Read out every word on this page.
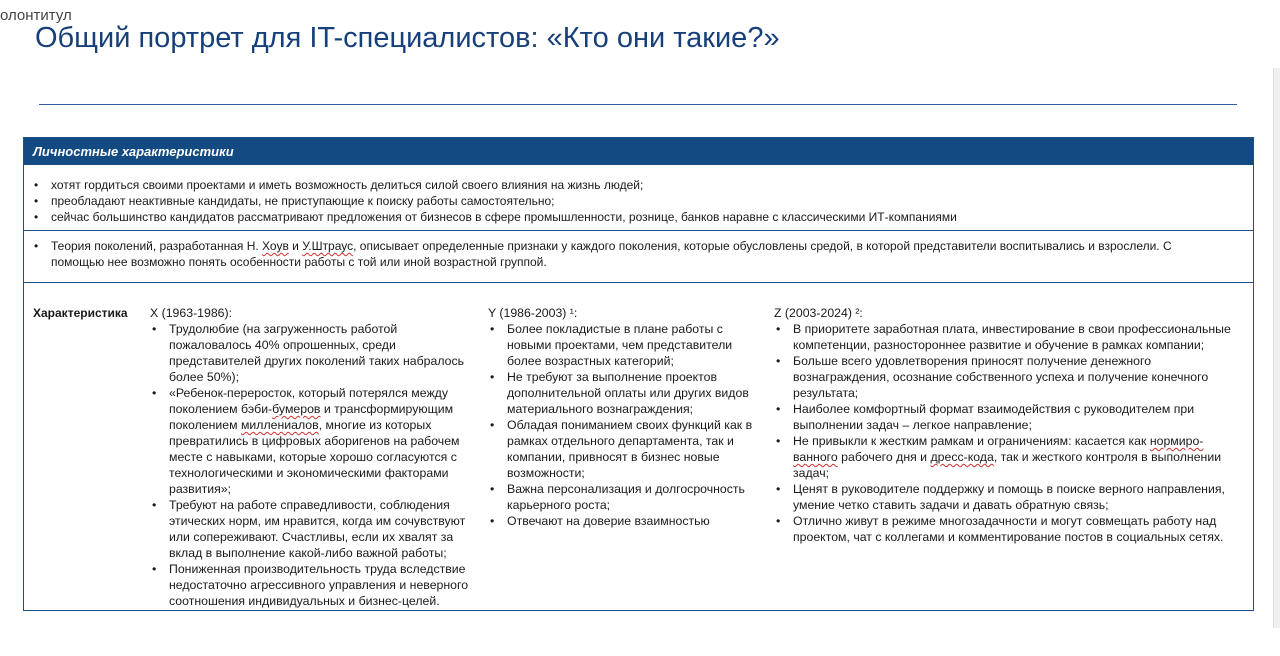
олонтитул
Общий портрет для IT-специалистов: «Кто они такие?»
Личностные характеристики
• хотят гордиться своими проектами и иметь возможность делиться силой своего влияния на жизнь людей;
• преобладают неактивные кандидаты, не приступающие к поиску работы самостоятельно;
• сейчас большинство кандидатов рассматривают предложения от бизнесов в сфере промышленности, рознице, банков наравне с классическими ИТ-компаниями
• Теория поколений, разработанная Н. Хоув и У.Штраус, описывает определенные признаки у каждого поколения, которые обусловлены средой, в которой представители воспитывались и взрослели. С помощью нее возможно понять особенности работы с той или иной возрастной группой.
Характеристика X (1963-1986):
• Трудолюбие (на загруженность работой пожаловалось 40% опрошенных, среди представителей других поколений таких набралось более 50%);
• «Ребенок-переросток, который потерялся между поколением бэби-бумеров и трансформирующим поколением миллениалов, многие из которых превратились в цифровых аборигенов на рабочем месте с навыками, которые хорошо согласуются с технологическими и экономическими факторами развития»;
• Требуют на работе справедливости, соблюдения этических норм, им нравится, когда им сочувствуют или сопереживают. Счастливы, если их хвалят за вклад в выполнение какой-либо важной работы;
• Пониженная производительность труда вследствие недостаточно агрессивного управления и неверного соотношения индивидуальных и бизнес-целей.
Y (1986-2003) ¹:
• Более покладистые в плане работы с новыми проектами, чем представители более возрастных категорий;
• Не требуют за выполнение проектов дополнительной оплаты или других видов материального вознаграждения;
• Обладая пониманием своих функций как в рамках отдельного департамента, так и компании, привносят в бизнес новые возможности;
• Важна персонализация и долгосрочность карьерного роста;
• Отвечают на доверие взаимностью
Z (2003-2024) ²:
• В приоритете заработная плата, инвестирование в свои профессиональные компетенции, разностороннее развитие и обучение в рамках компании;
• Больше всего удовлетворения приносят получение денежного вознаграждения, осознание собственного успеха и получение конечного результата;
• Наиболее комфортный формат взаимодействия с руководителем при выполнении задач – легкое направление;
• Не привыкли к жестким рамкам и ограничениям: касается как нормиро-ванного рабочего дня и дресс-кода, так и жесткого контроля в выполнении задач;
• Ценят в руководителе поддержку и помощь в поиске верного направления, умение четко ставить задачи и давать обратную связь;
• Отлично живут в режиме многозадачности и могут совмещать работу над проектом, чат с коллегами и комментирование постов в социальных сетях.
